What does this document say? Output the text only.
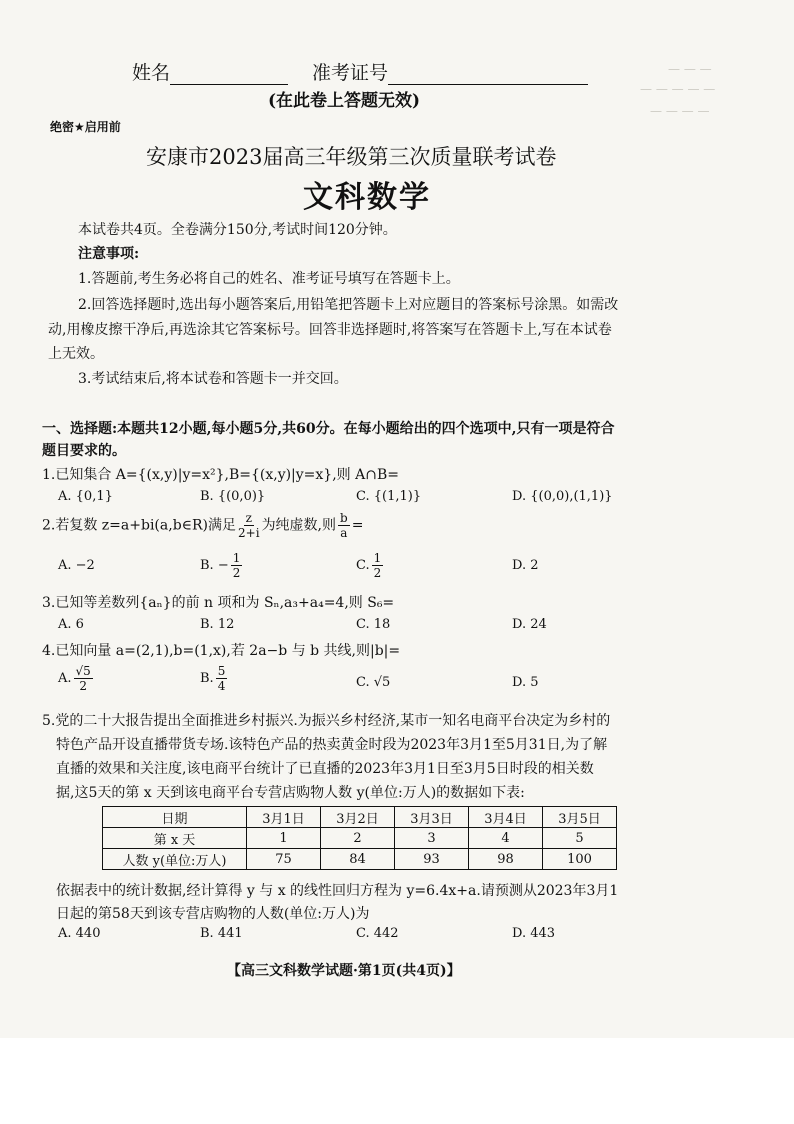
姓名	准考证号
(在此卷上答题无效)
绝密★启用前
— — —
— — — — —
— — — —
安康市2023届高三年级第三次质量联考试卷
文科数学
本试卷共4页。全卷满分150分,考试时间120分钟。
注意事项:
1.答题前,考生务必将自己的姓名、准考证号填写在答题卡上。
2.回答选择题时,选出每小题答案后,用铅笔把答题卡上对应题目的答案标号涂黑。如需改
动,用橡皮擦干净后,再选涂其它答案标号。回答非选择题时,将答案写在答题卡上,写在本试卷
上无效。
3.考试结束后,将本试卷和答题卡一并交回。
一、选择题:本题共12小题,每小题5分,共60分。在每小题给出的四个选项中,只有一项是符合
题目要求的。
1.已知集合 A={(x,y)|y=x²},B={(x,y)|y=x},则 A∩B=
A. {0,1}	B. {(0,0)}	C. {(1,1)}	D. {(0,0),(1,1)}
2.若复数 z=a+bi(a,b∈R)满足 $\frac{z}{2+i}$ 为纯虚数,则 $\frac{b}{a}$ =
A. −2	B. − $\frac{1}{2}$	C. $\frac{1}{2}$	D. 2
3.已知等差数列{aₙ}的前 n 项和为 Sₙ,a₃+a₄=4,则 S₆=
A. 6	B. 12	C. 18	D. 24
4.已知向量 a=(2,1),b=(1,x),若 2a−b 与 b 共线,则|b|=
A. $\frac{√5}{2}$	B. $\frac{5}{4}$	C. √5	D. 5
5.党的二十大报告提出全面推进乡村振兴.为振兴乡村经济,某市一知名电商平台决定为乡村的
特色产品开设直播带货专场.该特色产品的热卖黄金时段为2023年3月1至5月31日,为了解
直播的效果和关注度,该电商平台统计了已直播的2023年3月1日至3月5日时段的相关数
据,这5天的第 x 天到该电商平台专营店购物人数 y(单位:万人)的数据如下表:
日期	3月1日	3月2日	3月3日	3月4日	3月5日
第 x 天	1	2	3	4	5
人数 y(单位:万人)	75	84	93	98	100
依据表中的统计数据,经计算得 y 与 x 的线性回归方程为 y=6.4x+a.请预测从2023年3月1
日起的第58天到该专营店购物的人数(单位:万人)为
A. 440	B. 441	C. 442	D. 443
【高三文科数学试题·第1页(共4页)】
